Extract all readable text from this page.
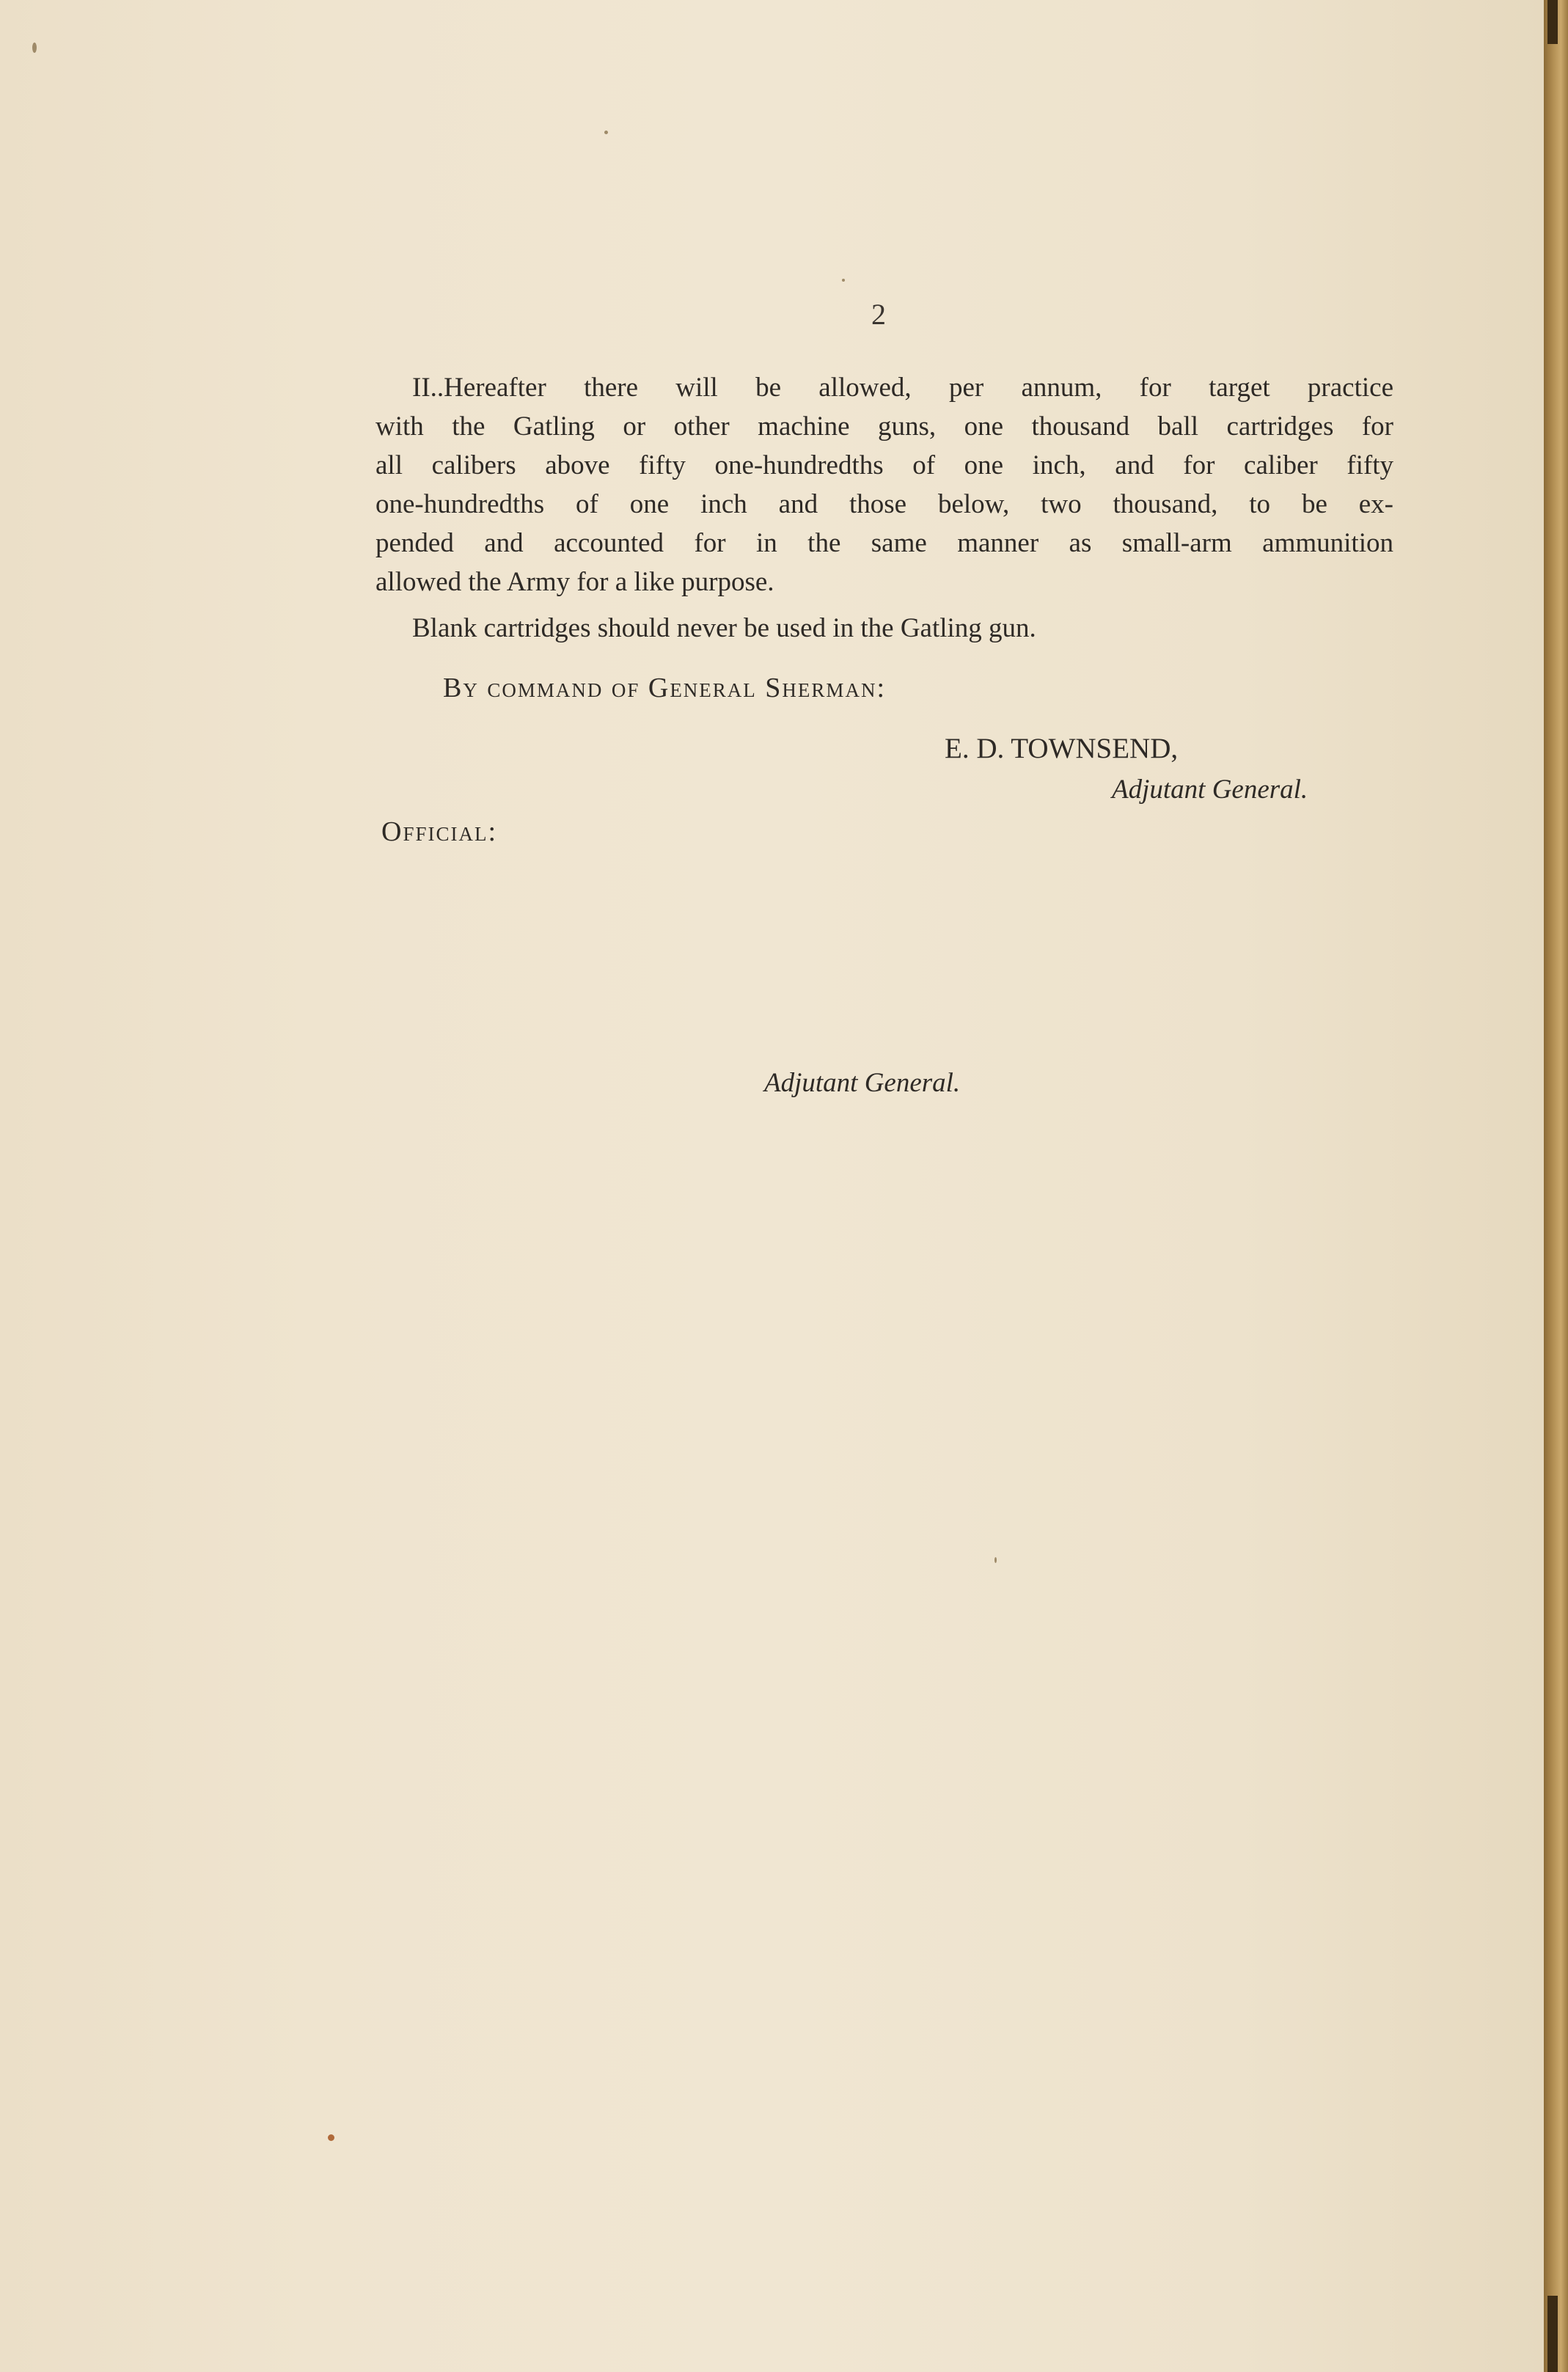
2
II..Hereafter there will be allowed, per annum, for target practice
with the Gatling or other machine guns, one thousand ball cartridges for
all calibers above fifty one-hundredths of one inch, and for caliber fifty
one-hundredths of one inch and those below, two thousand, to be ex-
pended and accounted for in the same manner as small-arm ammunition
allowed the Army for a like purpose.
Blank cartridges should never be used in the Gatling gun.
By command of General Sherman:
E. D. TOWNSEND,
Adjutant General.
Official:
Adjutant General.
